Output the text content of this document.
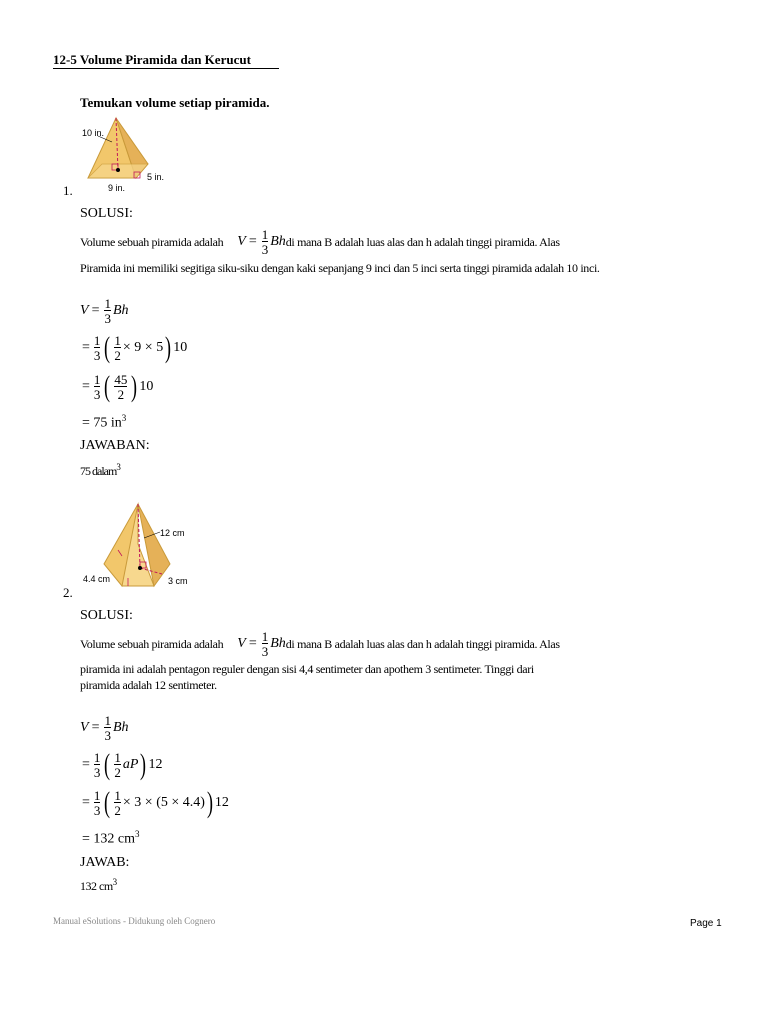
12-5 Volume Piramida dan Kerucut
Temukan volume setiap piramida.
10 in.
5 in.
9 in.
1.
SOLUSI:
Volume sebuah piramida adalah $V = \frac{1}{3}$ Bh di mana B adalah luas alas dan h adalah tinggi piramida. Alas
Piramida ini memiliki segitiga siku-siku dengan kaki sepanjang 9 inci dan 5 inci serta tinggi piramida adalah 10 inci.
$V = \frac{1}{3}$ Bh
= $\frac{1}{3}$ ( $\frac{1}{2} \times 9 \times 5$ ) 10
= $\frac{1}{3}$ ( $\frac{45}{2}$ ) 10
= 75 $in^3$
JAWABAN:
75 dalam$^3$
12 cm
4.4 cm	3 cm
2.
SOLUSI:
Volume sebuah piramida adalah $V = \frac{1}{3}$ Bh di mana B adalah luas alas dan h adalah tinggi piramida. Alas
piramida ini adalah pentagon reguler dengan sisi 4,4 sentimeter dan apothem 3 sentimeter. Tinggi dari
piramida adalah 12 sentimeter.
$V = \frac{1}{3}$ Bh
= $\frac{1}{3}$ ( $\frac{1}{2}$ aP ) 12
= $\frac{1}{3}$ ( $\frac{1}{2} \times 3 \times (5 \times 4.4)$ ) 12
= 132 $cm^3$
JAWAB:
132 $cm^3$
Manual eSolutions - Didukung oleh Cognero	Page 1
